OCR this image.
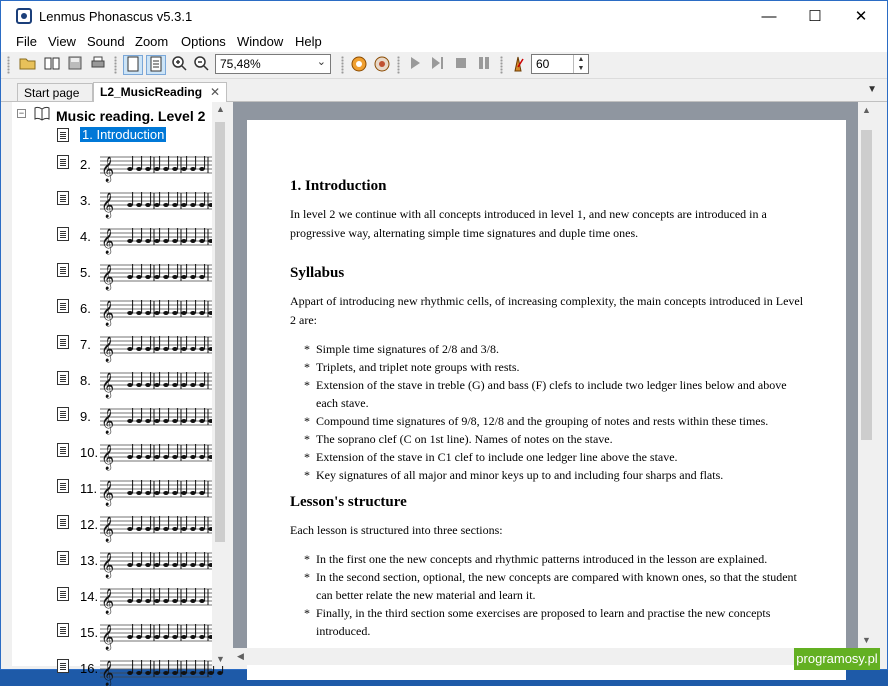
Lenmus Phonascus v5.3.1	—	☐	✕
File View Sound Zoom Options Window Help
75,48%	⌄	60	▲
▼
Start page	L2_MusicReading ✕	▼
− Music reading. Level 2
1. Introduction
2. 𝄞
3. 𝄞
4. 𝄞
5. 𝄞
6. 𝄞
7. 𝄞
8. 𝄞
9. 𝄞
10. 𝄞
11. 𝄞
12. 𝄞
13. 𝄞
14. 𝄞
15. 𝄞
16. 𝄞
▲
▼
1. Introduction

In level 2 we continue with all concepts introduced in level 1, and new concepts are introduced in a progressive way, alternating simple time signatures and duple time ones.

Syllabus

Appart of introducing new rhythmic cells, of increasing complexity, the main concepts introduced in Level 2 are:

* Simple time signatures of 2/8 and 3/8.
* Triplets, and triplet note groups with rests.
* Extension of the stave in treble (G) and bass (F) clefs to include two ledger lines below and above each stave.
* Compound time signatures of 9/8, 12/8 and the grouping of notes and rests within these times.
* The soprano clef (C on 1st line). Names of notes on the stave.
* Extension of the stave in C1 clef to include one ledger line above the stave.
* Key signatures of all major and minor keys up to and including four sharps and flats.
Lesson's structure

Each lesson is structured into three sections:

* In the first one the new concepts and rhythmic patterns introduced in the lesson are explained.
* In the second section, optional, the new concepts are compared with known ones, so that the student can better relate the new material and learn it.
* Finally, in the third section some exercises are proposed to learn and practise the new concepts introduced.
▲
▼
◀	programosy.pl
